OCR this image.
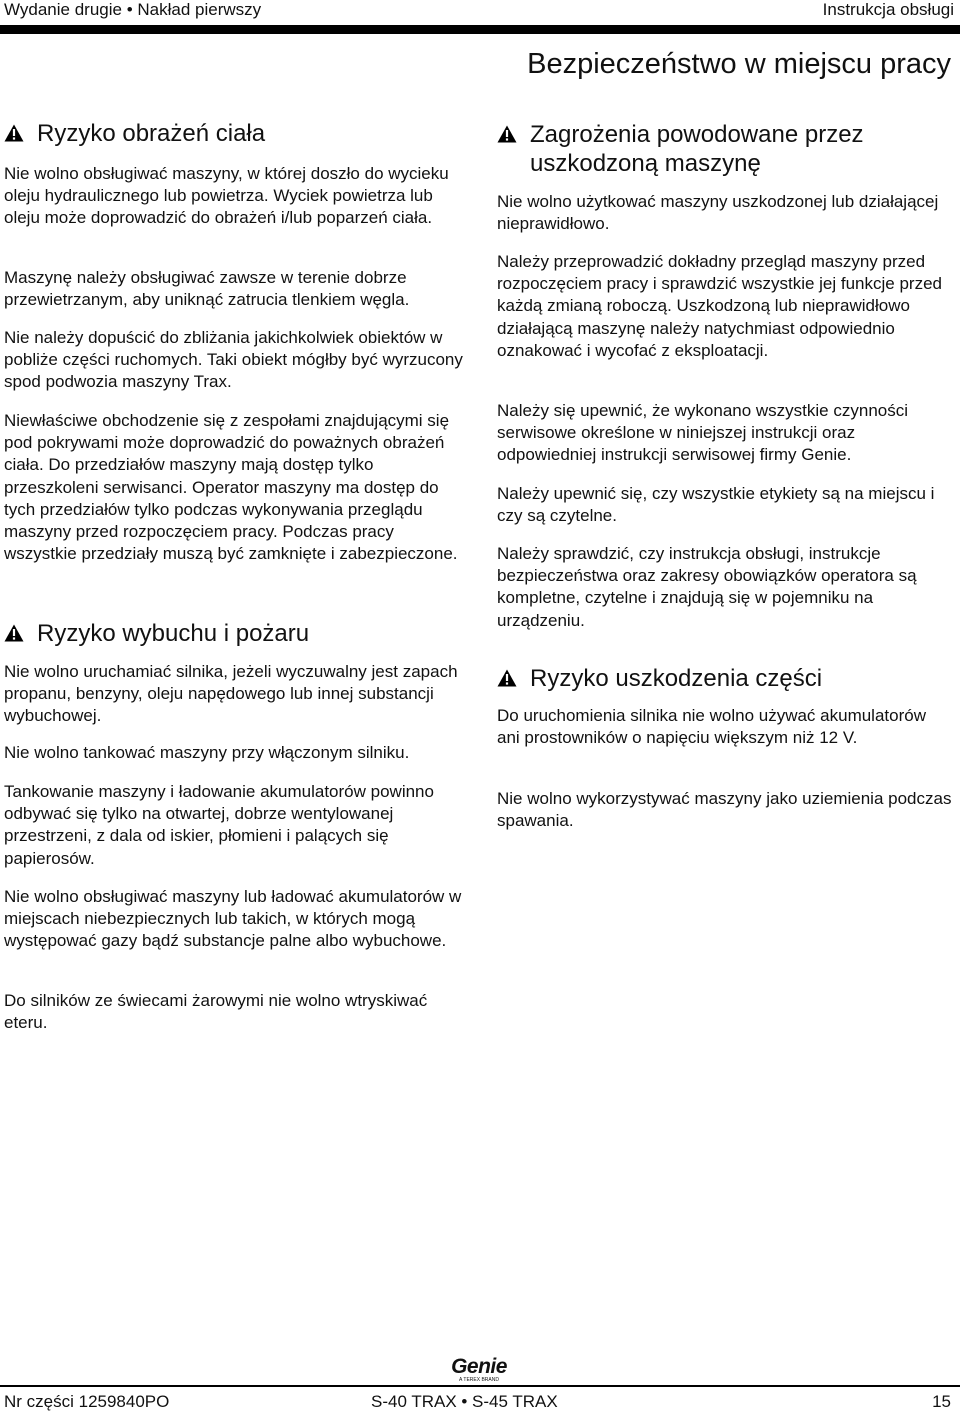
Wydanie drugie • Nakład pierwszy	Instrukcja obsługi
Bezpieczeństwo w miejscu pracy
Ryzyko obrażeń ciała

Nie wolno obsługiwać maszyny, w której doszło do wycieku oleju hydraulicznego lub powietrza. Wyciek powietrza lub oleju może doprowadzić do obrażeń i/lub poparzeń ciała.

Maszynę należy obsługiwać zawsze w terenie dobrze przewietrzanym, aby uniknąć zatrucia tlenkiem węgla.

Nie należy dopuścić do zbliżania jakichkolwiek obiektów w pobliże części ruchomych. Taki obiekt mógłby być wyrzucony spod podwozia maszyny Trax.

Niewłaściwe obchodzenie się z zespołami znajdującymi się pod pokrywami może doprowadzić do poważnych obrażeń ciała. Do przedziałów maszyny mają dostęp tylko przeszkoleni serwisanci. Operator maszyny ma dostęp do tych przedziałów tylko podczas wykonywania przeglądu maszyny przed rozpoczęciem pracy. Podczas pracy wszystkie przedziały muszą być zamknięte i zabezpieczone.

Ryzyko wybuchu i pożaru

Nie wolno uruchamiać silnika, jeżeli wyczuwalny jest zapach propanu, benzyny, oleju napędowego lub innej substancji wybuchowej.

Nie wolno tankować maszyny przy włączonym silniku.

Tankowanie maszyny i ładowanie akumulatorów powinno odbywać się tylko na otwartej, dobrze wentylowanej przestrzeni, z dala od iskier, płomieni i palących się papierosów.

Nie wolno obsługiwać maszyny lub ładować akumulatorów w miejscach niebezpiecznych lub takich, w których mogą występować gazy bądź substancje palne albo wybuchowe.

Do silników ze świecami żarowymi nie wolno wtryskiwać eteru.

Zagrożenia powodowane przez uszkodzoną maszynę

Nie wolno użytkować maszyny uszkodzonej lub działającej nieprawidłowo.

Należy przeprowadzić dokładny przegląd maszyny przed rozpoczęciem pracy i sprawdzić wszystkie jej funkcje przed każdą zmianą roboczą. Uszkodzoną lub nieprawidłowo działającą maszynę należy natychmiast odpowiednio oznakować i wycofać z eksploatacji.

Należy się upewnić, że wykonano wszystkie czynności serwisowe określone w niniejszej instrukcji oraz odpowiedniej instrukcji serwisowej firmy Genie.

Należy upewnić się, czy wszystkie etykiety są na miejscu i czy są czytelne.

Należy sprawdzić, czy instrukcja obsługi, instrukcje bezpieczeństwa oraz zakresy obowiązków operatora są kompletne, czytelne i znajdują się w pojemniku na urządzeniu.

Ryzyko uszkodzenia części

Do uruchomienia silnika nie wolno używać akumulatorów ani prostowników o napięciu większym niż 12 V.

Nie wolno wykorzystywać maszyny jako uziemienia podczas spawania.

Genie
A TEREX BRAND
Nr części 1259840PO	S-40 TRAX • S-45 TRAX	15
